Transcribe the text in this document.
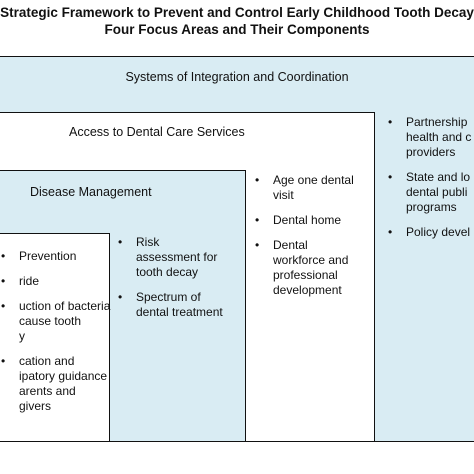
Strategic Framework to Prevent and Control Early Childhood Tooth Decay
Four Focus Areas and Their Components
Systems of Integration and Coordination
Access to Dental Care Services
Disease Management
• Prevention
• ride
• uction of bacteria
cause tooth
y
• cation and
ipatory guidance
arents and
givers
• Risk
assessment for
tooth decay
• Spectrum of
dental treatment
• Age one dental
visit
• Dental home
• Dental
workforce and
professional
development
• Partnership
health and c
providers
• State and lo
dental publi
programs
• Policy devel
